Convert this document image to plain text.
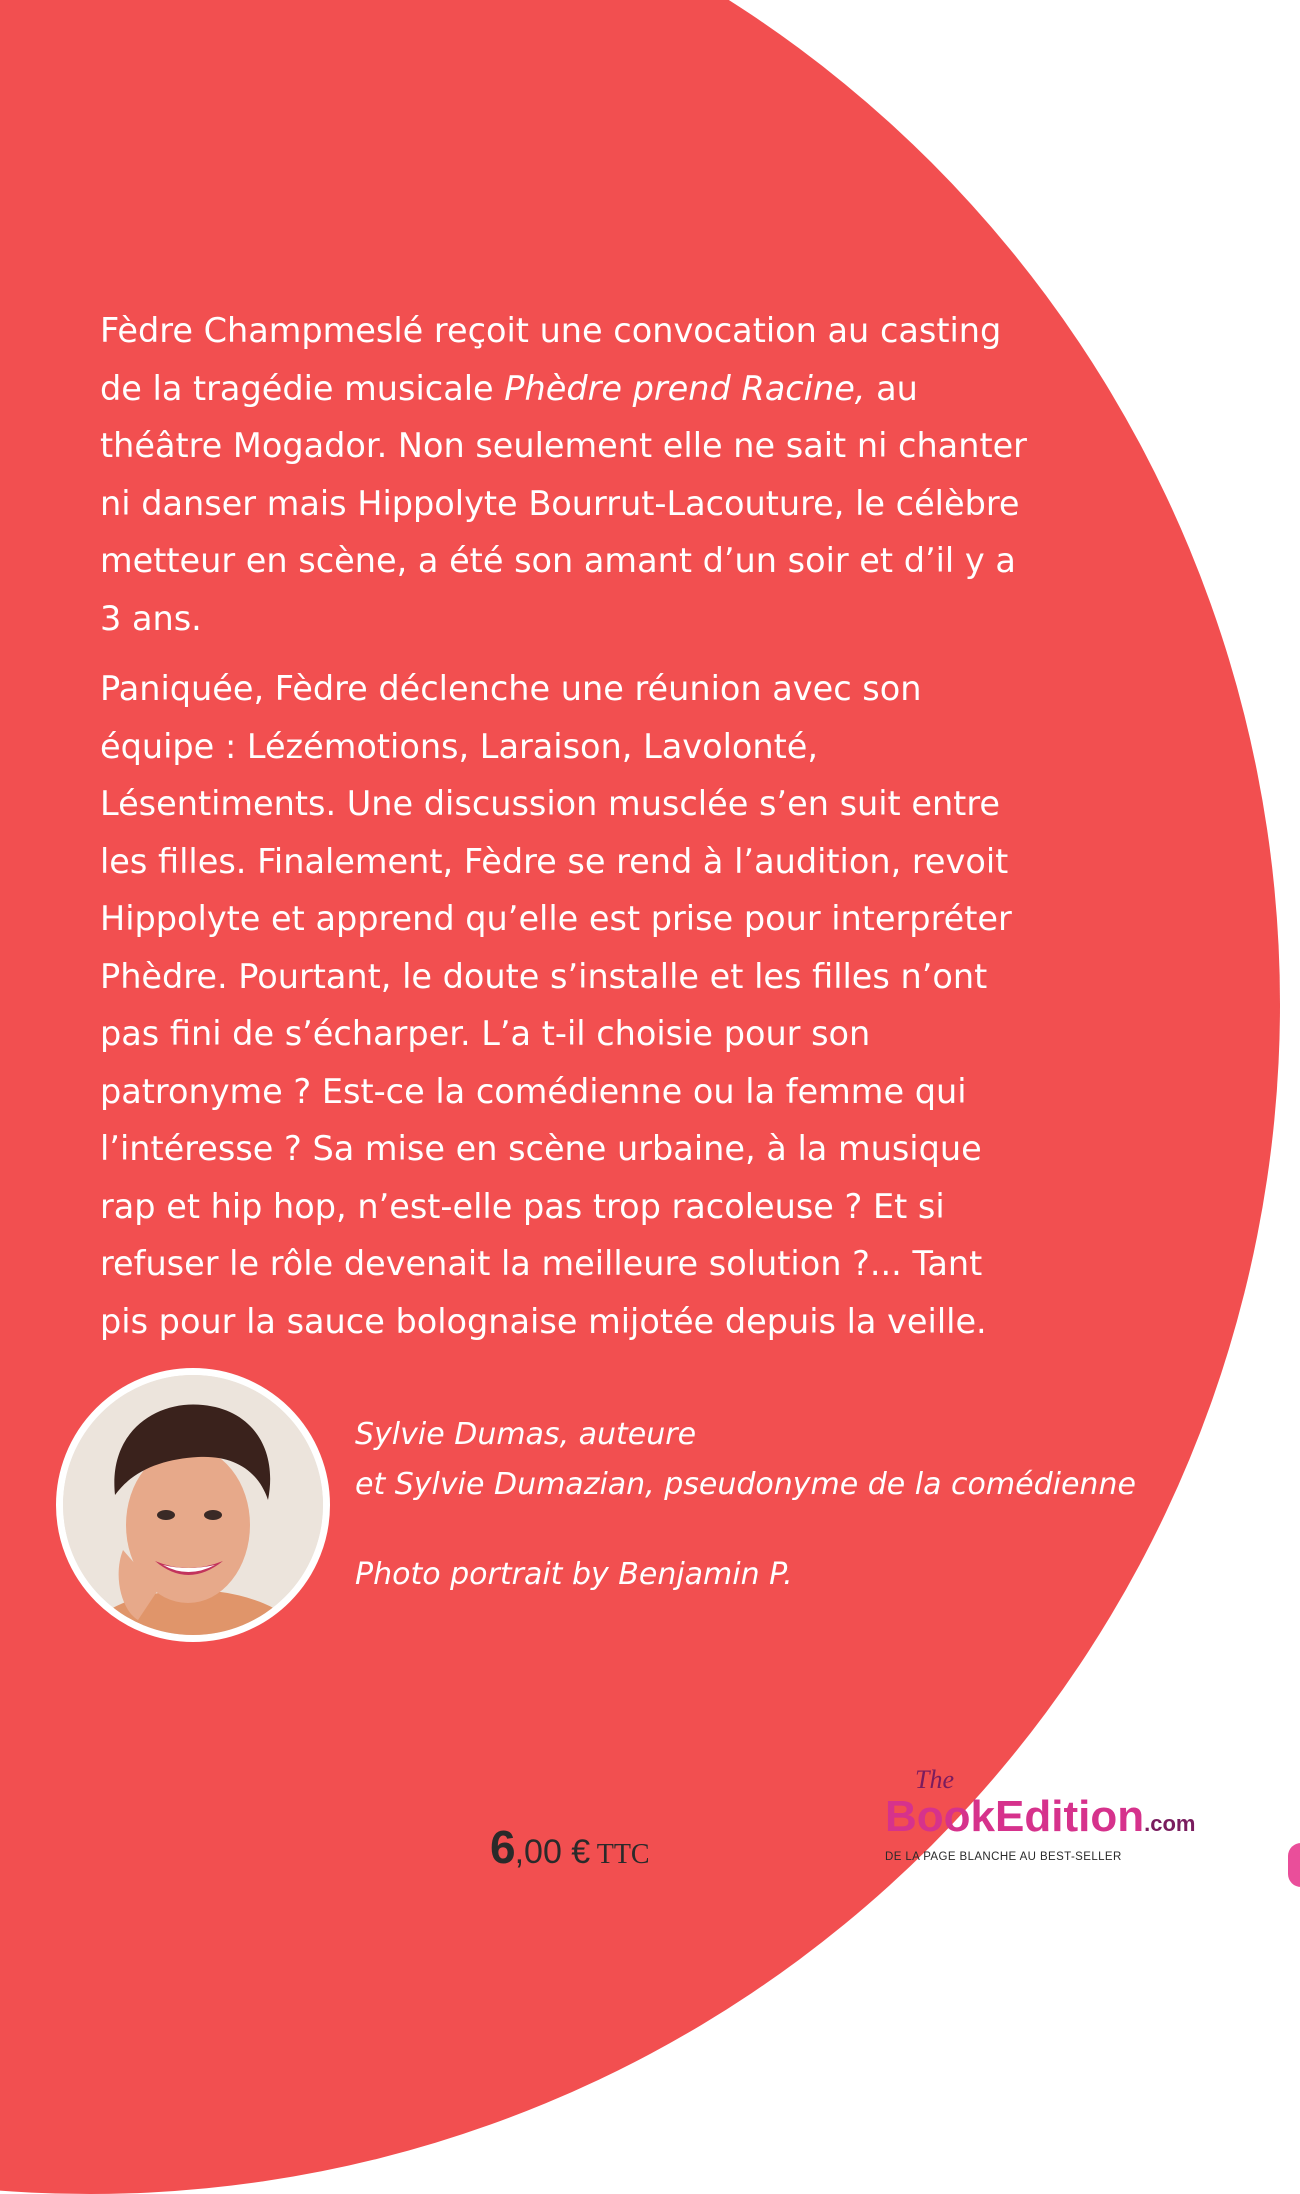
Fèdre Champmeslé reçoit une convocation au casting de la tragédie musicale Phèdre prend Racine, au théâtre Mogador. Non seulement elle ne sait ni chanter ni danser mais Hippolyte Bourrut-Lacouture, le célèbre metteur en scène, a été son amant d’un soir et d’il y a 3 ans.

Paniquée, Fèdre déclenche une réunion avec son équipe : Lézémotions, Laraison, Lavolonté, Lésentiments. Une discussion musclée s’en suit entre les filles. Finalement, Fèdre se rend à l’audition, revoit Hippolyte et apprend qu’elle est prise pour interpréter Phèdre. Pourtant, le doute s’installe et les filles n’ont pas fini de s’écharper. L’a t-il choisie pour son patronyme ? Est-ce la comédienne ou la femme qui l’intéresse ? Sa mise en scène urbaine, à la musique rap et hip hop, n’est-elle pas trop racoleuse ? Et si refuser le rôle devenait la meilleure solution ?... Tant pis pour la sauce bolognaise mijotée depuis la veille.

Sylvie Dumas, auteure
et Sylvie Dumazian, pseudonyme de la comédienne
Photo portrait by Benjamin P.
6,00 € TTC
The
BookEdition.com
DE LA PAGE BLANCHE AU BEST-SELLER
